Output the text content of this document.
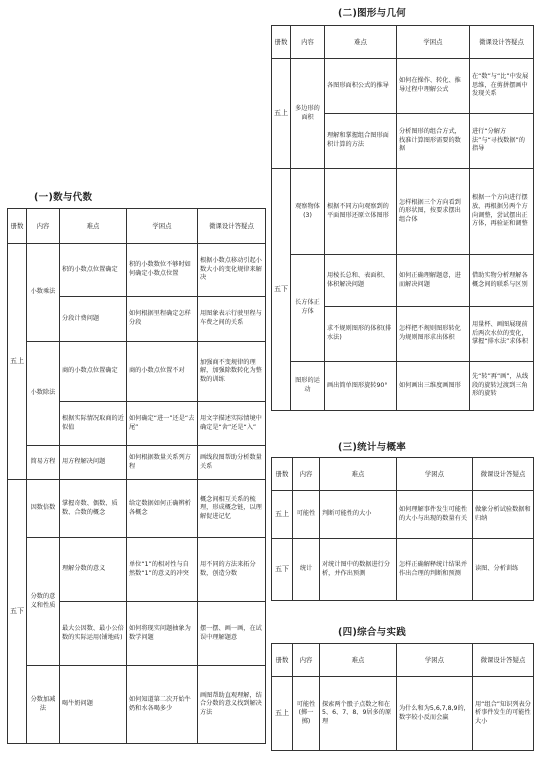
(二)图形与几何
册数	内容	难点	学困点	微课设计答疑点
五上	多边形的面积	各图形面积公式的推导	如何在操作、转化、推导过程中理解公式	在“数”与“比”中发展思维，在剪拼摆画中发现关系
		理解和掌握组合图形面积计算的方法	分析图形的组合方式，找准计算图形需要的数据	进行“分解方法”与“寻找数据”的指导
五下	观察物体(3)	根据不同方向观察到的平面图形还原立体图形	怎样根据三个方向看到的形状图，按要求摆出组合体	根据一个方向进行摆放，再根据另两个方向调整，尝试摆出正方体，再验证和调整
	长方体正方体	用棱长总和、表面积、体积解决问题	如何正确理解题意，进而解决问题	借助实物分析理解各概念间的联系与区别
		求不规则图形的体积(排水法)	怎样把不规则图形转化为规则图形求出体积	用量杯、画图展现前后两次水位的变化，掌握“排水法”求体积
	图形的运动	画出简单图形旋转90°	如何画出三维度画图形	先“转”再“画”，从线段的旋转过渡到三角形的旋转
(一)数与代数
册数	内容	难点	学困点	微课设计答疑点
五上	小数乘法	积的小数点位置确定	积的小数数位不够时如何确定小数点位置	根据小数点移动引起小数大小的变化规律来解决
		分段计费问题	如何根据里程确定怎样分段	用图象表示行驶里程与车费之间的关系
	小数除法	商的小数点位置确定	商的小数点位置不对	加强商不变规律的理解，加强除数转化为整数的训练
		根据实际情况取商的近似值	如何确定“进一”还是“去尾”	用文字描述实际情境中确定是“舍”还是“入”
	简易方程	用方程解决问题	如何根据数量关系列方程	画线段图帮助分析数量关系
五下	因数倍数	掌握奇数、偶数、质数、合数的概念	给定数据如何正确辨析各概念	概念间相互关系的梳理，形成概念链，以理解促进记忆
	分数的意义和性质	理解分数的意义	单位“1”的相对性与自然数“1”的意义的冲突	用不同的方法来拓分数，创造分数
		最大公因数、最小公倍数的实际运用(铺地砖)	如何将现实问题抽象为数学问题	摆一摆、画一画，在试误中理解题意
	分数加减法	喝牛奶问题	如何知道第二次开始牛奶和水各喝多少	画图帮助直观理解，结合分数的意义找到解决方法
(三)统计与概率
册数	内容	难点	学困点	微课设计答疑点
五上	可能性	判断可能性的大小	如何理解事件发生可能性的大小与出现的数量有关	做象分析试验数据和归纳
五下	统计	对统计图中的数据进行分析，并作出预测	怎样正确解释统计结果并作出合理的判断和预测	读图、分析训练
(四)综合与实践
册数	内容	难点	学困点	微课设计答疑点
五上	可能性(掷一掷)	探索两个骰子点数之和在5、6、7、8、9居多的原理	为什么和为5,6,7,8,9的，数字较小反而会赢	用“组合”知识列表分析事件发生的可能性大小
